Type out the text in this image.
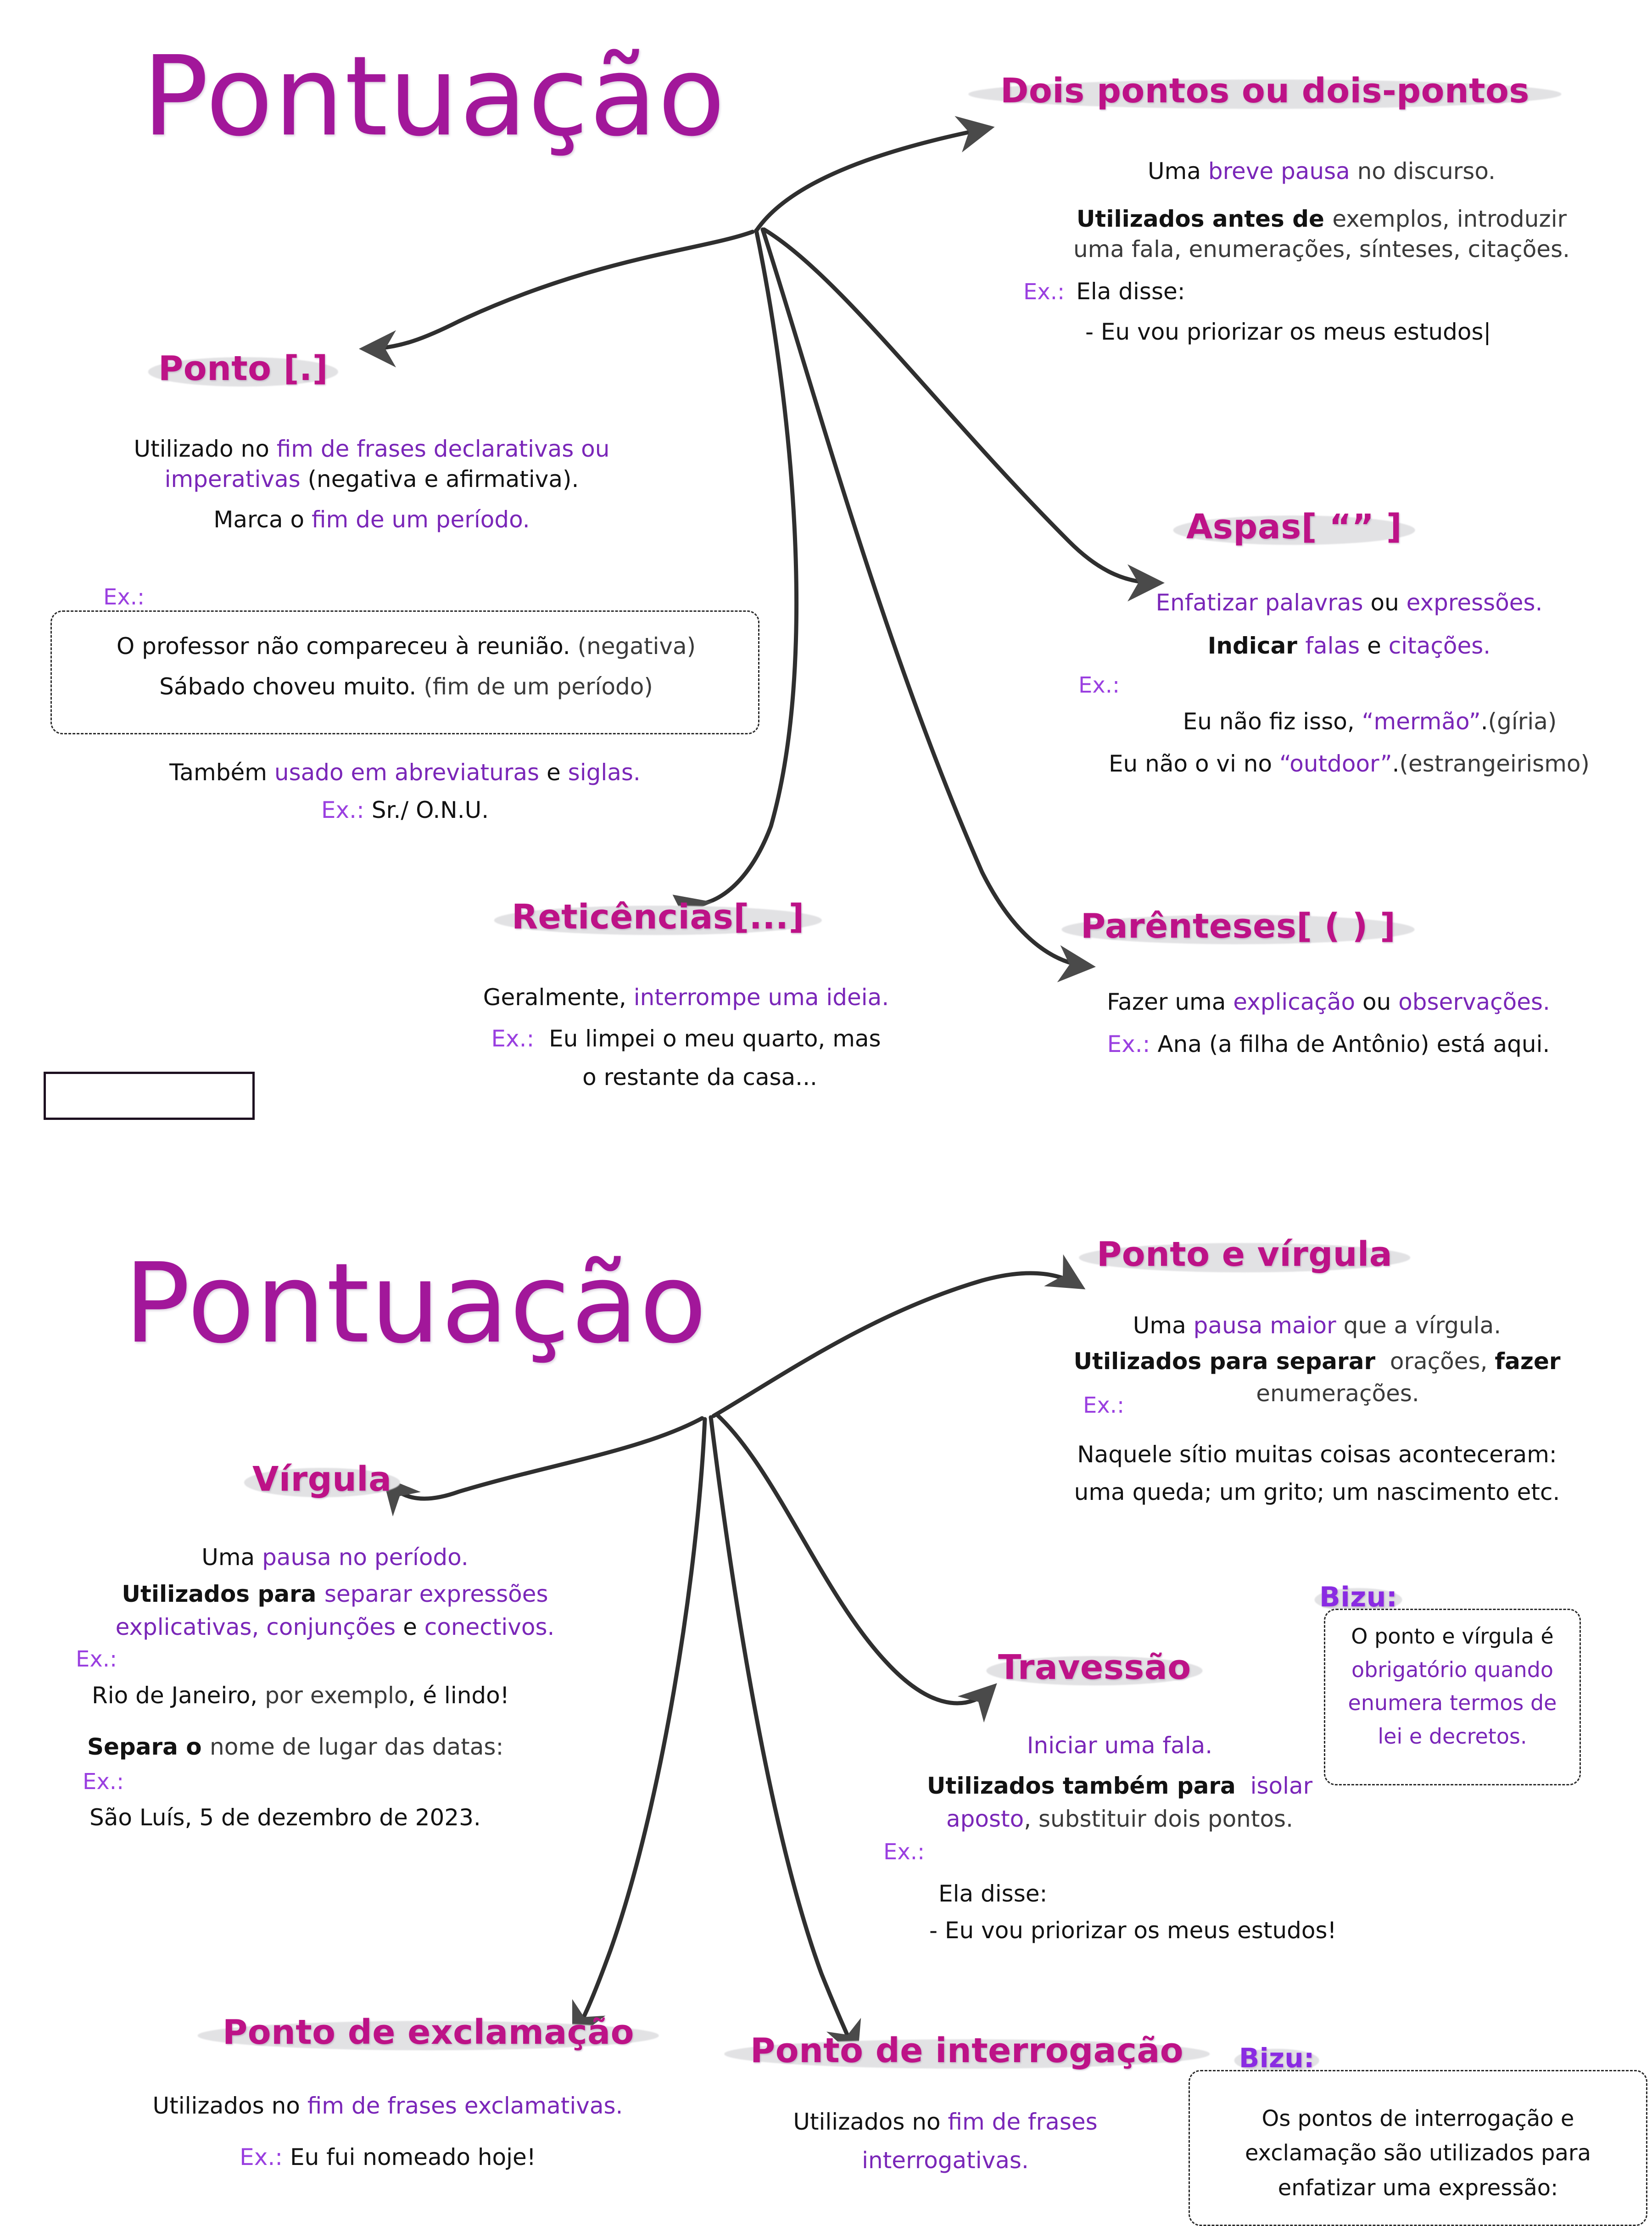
Pontuação	Dois pontos ou dois-pontos
Uma breve pausa no discurso.
Utilizados antes de exemplos, introduzir
uma fala, enumerações, sínteses, citações.
Ex.: Ela disse:
- Eu vou priorizar os meus estudos|
Ponto [.]
Utilizado no fim de frases declarativas ou
imperativas (negativa e afirmativa).
Marca o fim de um período.
Ex.:
O professor não compareceu à reunião. (negativa)
Sábado choveu muito. (fim de um período)
Também usado em abreviaturas e siglas.
Ex.: Sr./ O.N.U.
Aspas[ “” ]
Enfatizar palavras ou expressões.
Indicar falas e citações.
Ex.:
Eu não fiz isso, “mermão”.(gíria)
Eu não o vi no “outdoor”.(estrangeirismo)
Reticências[...]
Geralmente, interrompe uma ideia.
Ex.: Eu limpei o meu quarto, mas
o restante da casa...
Parênteses[ ( ) ]
Fazer uma explicação ou observações.
Ex.: Ana (a filha de Antônio) está aqui.
Pontuação	Ponto e vírgula
Uma pausa maior que a vírgula.
Utilizados para separar  orações, fazer
enumerações.
Ex.:
Naquele sítio muitas coisas aconteceram:
uma queda; um grito; um nascimento etc.
Vírgula
Uma pausa no período.
Utilizados para separar expressões
explicativas, conjunções e conectivos.
Ex.:
Rio de Janeiro, por exemplo, é lindo!
Separa o nome de lugar das datas:
Ex.:
São Luís, 5 de dezembro de 2023.
Travessão
Iniciar uma fala.
Utilizados também para isolar
aposto, substituir dois pontos.
Ex.:
Ela disse:
- Eu vou priorizar os meus estudos!
Bizu:
O ponto e vírgula é
obrigatório quando
enumera termos de
lei e decretos.
Ponto de exclamação
Utilizados no fim de frases exclamativas.
Ex.: Eu fui nomeado hoje!
Ponto de interrogação
Utilizados no fim de frases
interrogativas.
Bizu:
Os pontos de interrogação e
exclamação são utilizados para
enfatizar uma expressão:
